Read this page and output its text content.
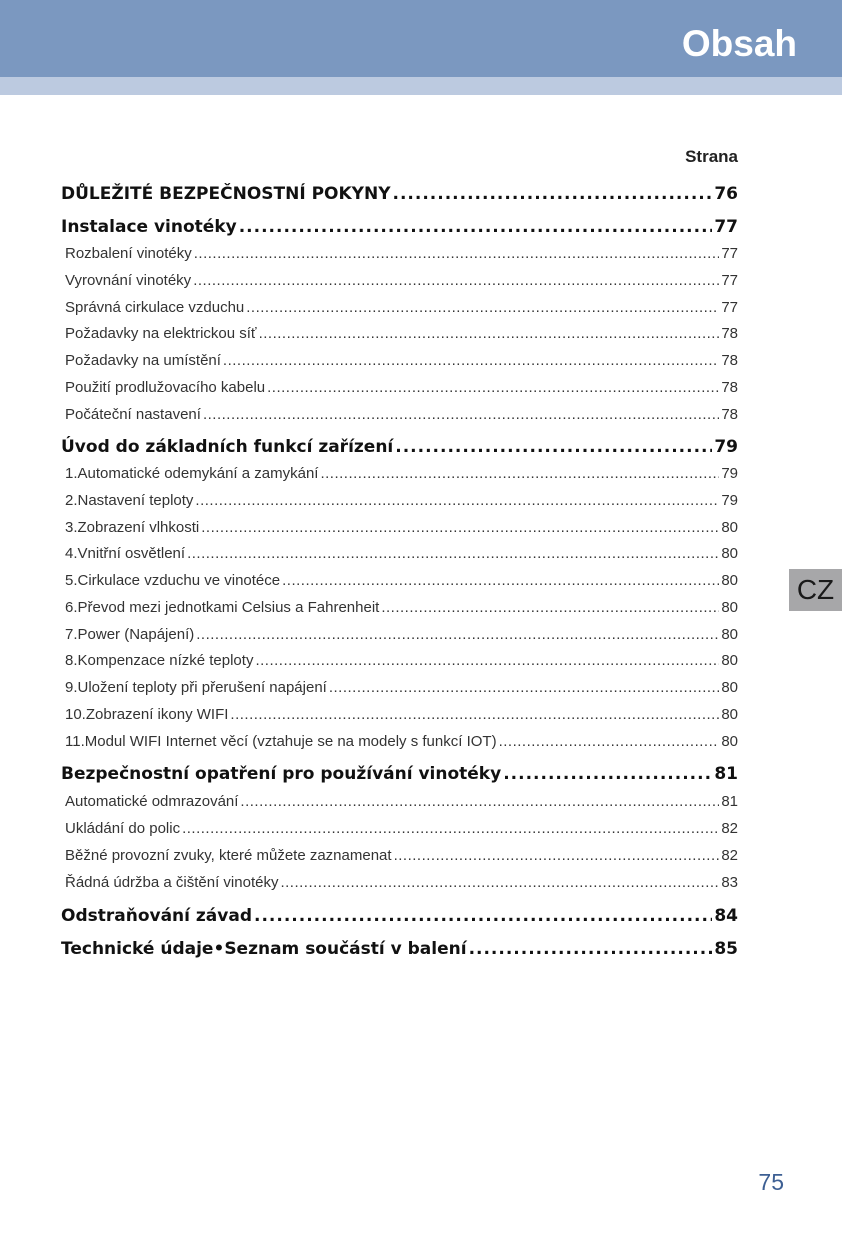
Obsah
Strana
DŮLEŽITÉ BEZPEČNOSTNÍ POKYNY .....	76
Instalace vinotéky .....	77
Rozbalení vinotéky .....	77
Vyrovnání vinotéky .....	77
Správná cirkulace vzduchu .....	77
Požadavky na elektrickou síť .....	78
Požadavky na umístění .....	78
Použití prodlužovacího kabelu .....	78
Počáteční nastavení .....	78
Úvod do základních funkcí zařízení .....	79
1.Automatické odemykání a zamykání .....	79
2.Nastavení teploty .....	79
3.Zobrazení vlhkosti .....	80
4.Vnitřní osvětlení .....	80
5.Cirkulace vzduchu ve vinotéce .....	80
6.Převod mezi jednotkami Celsius a Fahrenheit .....	80
7.Power (Napájení) .....	80
8.Kompenzace nízké teploty .....	80
9.Uložení teploty při přerušení napájení .....	80
10.Zobrazení ikony WIFI .....	80
11.Modul WIFI Internet věcí (vztahuje se na modely s funkcí IOT) .....	80
Bezpečnostní opatření pro používání vinotéky .....	81
Automatické odmrazování .....	81
Ukládání do polic .....	82
Běžné provozní zvuky, které můžete zaznamenat .....	82
Řádná údržba a čištění vinotéky .....	83
Odstraňování závad .....	84
Technické údaje•Seznam součástí v balení .....	85
CZ
75
